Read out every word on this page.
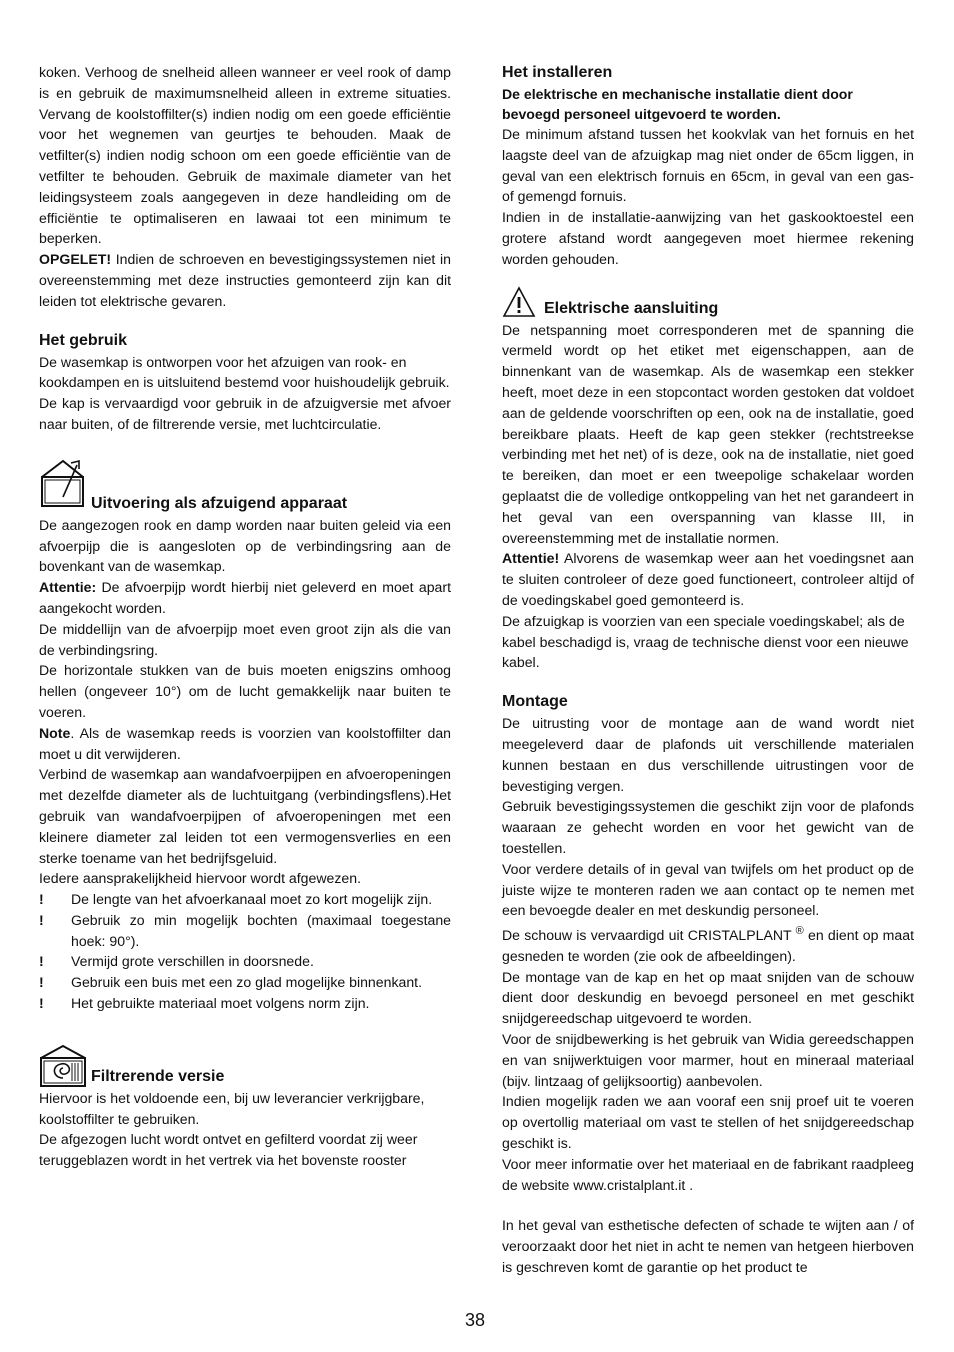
koken. Verhoog de snelheid alleen wanneer er veel rook of damp is en gebruik de maximumsnelheid alleen in extreme situaties. Vervang de koolstoffilter(s) indien nodig om een goede efficiëntie voor het wegnemen van geurtjes te behouden. Maak de vetfilter(s) indien nodig schoon om een goede efficiëntie van de vetfilter te behouden. Gebruik de maximale diameter van het leidingsysteem zoals aangegeven in deze handleiding om de efficiëntie te optimaliseren en lawaai tot een minimum te beperken.

OPGELET! Indien de schroeven en bevestigingssystemen niet in overeenstemming met deze instructies gemonteerd zijn kan dit leiden tot elektrische gevaren.

Het gebruik

De wasemkap is ontworpen voor het afzuigen van rook- en kookdampen en is uitsluitend bestemd voor huishoudelijk gebruik.

De kap is vervaardigd voor gebruik in de afzuigversie met afvoer naar buiten, of de filtrerende versie, met luchtcirculatie.

Uitvoering als afzuigend apparaat

De aangezogen rook en damp worden naar buiten geleid via een afvoerpijp die is aangesloten op de verbindingsring aan de bovenkant van de wasemkap.

Attentie: De afvoerpijp wordt hierbij niet geleverd en moet apart aangekocht worden.

De middellijn van de afvoerpijp moet even groot zijn als die van de verbindingsring.

De horizontale stukken van de buis moeten enigszins omhoog hellen (ongeveer 10°) om de lucht gemakkelijk naar buiten te voeren.

Note. Als de wasemkap reeds is voorzien van koolstoffilter dan moet u dit verwijderen.

Verbind de wasemkap aan wandafvoerpijpen en afvoeropeningen met dezelfde diameter als de luchtuitgang (verbindingsflens).Het gebruik van wandafvoerpijpen of afvoeropeningen met een kleinere diameter zal leiden tot een vermogensverlies en een sterke toename van het bedrijfsgeluid.

Iedere aansprakelijkheid hiervoor wordt afgewezen.

! De lengte van het afvoerkanaal moet zo kort mogelijk zijn.
! Gebruik zo min mogelijk bochten (maximaal toegestane hoek: 90°).
! Vermijd grote verschillen in doorsnede.
! Gebruik een buis met een zo glad mogelijke binnenkant.
! Het gebruikte materiaal moet volgens norm zijn.
Filtrerende versie

Hiervoor is het voldoende een, bij uw leverancier verkrijgbare, koolstoffilter te gebruiken.

De afgezogen lucht wordt ontvet en gefilterd voordat zij weer teruggeblazen wordt in het vertrek via het bovenste rooster

Het installeren

De elektrische en mechanische installatie dient door bevoegd personeel uitgevoerd te worden.

De minimum afstand tussen het kookvlak van het fornuis en het laagste deel van de afzuigkap mag niet onder de 65cm liggen, in geval van een elektrisch fornuis en 65cm, in geval van een gas- of gemengd fornuis.

Indien in de installatie-aanwijzing van het gaskooktoestel een grotere afstand wordt aangegeven moet hiermee rekening worden gehouden.

Elektrische aansluiting

De netspanning moet corresponderen met de spanning die vermeld wordt op het etiket met eigenschappen, aan de binnenkant van de wasemkap. Als de wasemkap een stekker heeft, moet deze in een stopcontact worden gestoken dat voldoet aan de geldende voorschriften op een, ook na de installatie, goed bereikbare plaats. Heeft de kap geen stekker (rechtstreekse verbinding met het net) of is deze, ook na de installatie, niet goed te bereiken, dan moet er een tweepolige schakelaar worden geplaatst die de volledige ontkoppeling van het net garandeert in het geval van een overspanning van klasse III, in overeenstemming met de installatie normen.

Attentie! Alvorens de wasemkap weer aan het voedingsnet aan te sluiten controleer of deze goed functioneert, controleer altijd of de voedingskabel goed gemonteerd is.

De afzuigkap is voorzien van een speciale voedingskabel; als de kabel beschadigd is, vraag de technische dienst voor een nieuwe kabel.

Montage

De uitrusting voor de montage aan de wand wordt niet meegeleverd daar de plafonds uit verschillende materialen kunnen bestaan en dus verschillende uitrustingen voor de bevestiging vergen.

Gebruik bevestigingssystemen die geschikt zijn voor de plafonds waaraan ze gehecht worden en voor het gewicht van de toestellen.

Voor verdere details of in geval van twijfels om het product op de juiste wijze te monteren raden we aan contact op te nemen met een bevoegde dealer en met deskundig personeel.

De schouw is vervaardigd uit CRISTALPLANT ® en dient op maat gesneden te worden (zie ook de afbeeldingen).

De montage van de kap en het op maat snijden van de schouw dient door deskundig en bevoegd personeel en met geschikt snijdgereedschap uitgevoerd te worden.

Voor de snijdbewerking is het gebruik van Widia gereedschappen en van snijwerktuigen voor marmer, hout en mineraal materiaal (bijv. lintzaag of gelijksoortig) aanbevolen.

Indien mogelijk raden we aan vooraf een snij proef uit te voeren op overtollig materiaal om vast te stellen of het snijdgereedschap geschikt is.

Voor meer informatie over het materiaal en de fabrikant raadpleeg de website www.cristalplant.it .

In het geval van esthetische defecten of schade te wijten aan / of veroorzaakt door het niet in acht te nemen van hetgeen hierboven is geschreven komt de garantie op het product te

38
